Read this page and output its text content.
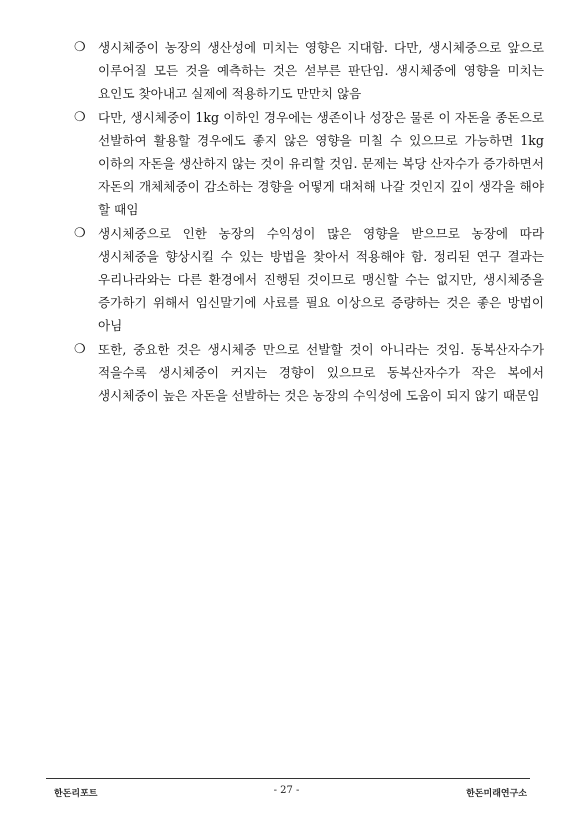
❍ 생시체중이 농장의 생산성에 미치는 영향은 지대함. 다만, 생시체중으로 앞으로 이루어질 모든 것을 예측하는 것은 섣부른 판단임. 생시체중에 영향을 미치는 요인도 찾아내고 실제에 적용하기도 만만치 않음
❍ 다만, 생시체중이 1kg 이하인 경우에는 생존이나 성장은 물론 이 자돈을 종돈으로 선발하여 활용할 경우에도 좋지 않은 영향을 미칠 수 있으므로 가능하면 1kg 이하의 자돈을 생산하지 않는 것이 유리할 것임. 문제는 복당 산자수가 증가하면서 자돈의 개체체중이 감소하는 경향을 어떻게 대처해 나갈 것인지 깊이 생각을 해야 할 때임
❍ 생시체중으로 인한 농장의 수익성이 많은 영향을 받으므로 농장에 따라 생시체중을 향상시킬 수 있는 방법을 찾아서 적용해야 함. 정리된 연구 결과는 우리나라와는 다른 환경에서 진행된 것이므로 맹신할 수는 없지만, 생시체중을 증가하기 위해서 임신말기에 사료를 필요 이상으로 증량하는 것은 좋은 방법이 아님
❍ 또한, 중요한 것은 생시체중 만으로 선발할 것이 아니라는 것임. 동복산자수가 적을수록 생시체중이 커지는 경향이 있으므로 동복산자수가 작은 복에서 생시체중이 높은 자돈을 선발하는 것은 농장의 수익성에 도움이 되지 않기 때문임
한돈리포트	- 27 -	한돈미래연구소
